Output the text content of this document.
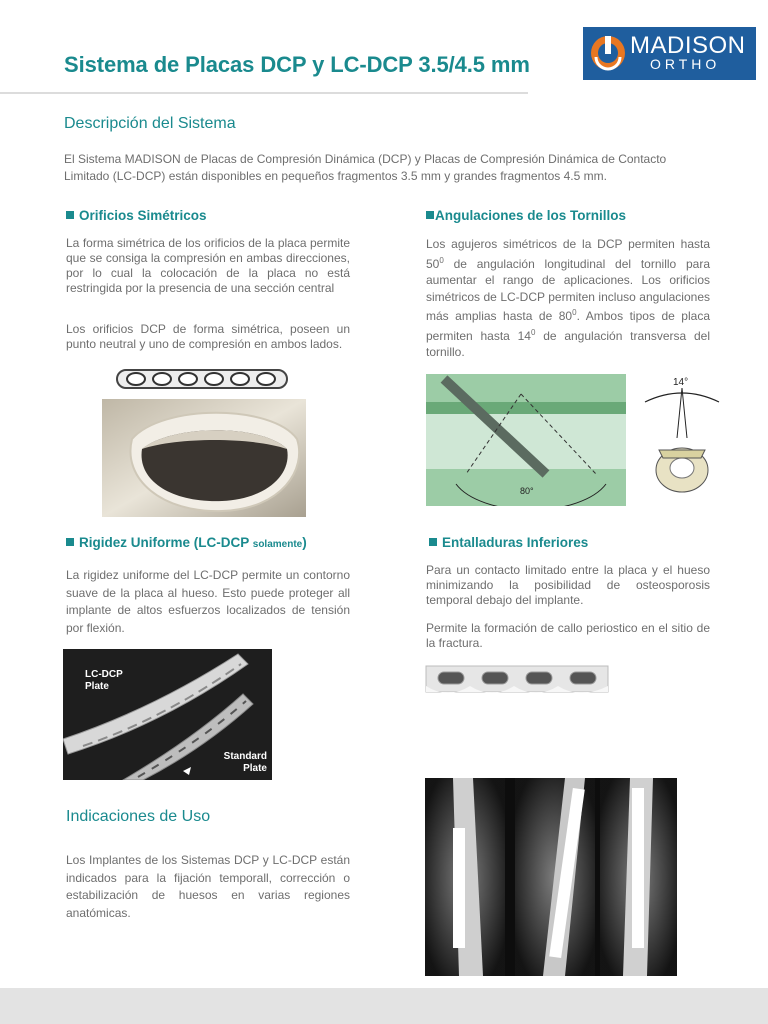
Sistema de Placas DCP y LC-DCP 3.5/4.5 mm
MADISON
ORTHO
Descripción del Sistema
El Sistema MADISON de Placas de Compresión Dinámica (DCP) y Placas de Compresión Dinámica de Contacto
Limitado (LC-DCP) están disponibles en pequeños fragmentos 3.5 mm y grandes fragmentos 4.5 mm.
Orificios Simétricos
La forma simétrica de los orificios de la placa permite que se consiga la compresión en ambas direcciones, por lo cual la colocación de la placa no está restringida por la presencia de una sección central
Los orificios DCP de forma simétrica, poseen un punto neutral y uno de compresión en ambos lados.
Angulaciones de los Tornillos
Los agujeros simétricos de la DCP permiten hasta $50^0$ de angulación longitudinal del tornillo para aumentar el rango de aplicaciones. Los orificios simétricos de LC-DCP permiten incluso angulaciones más amplias hasta de $80^0$. Ambos tipos de placa permiten hasta $14^0$ de angulación transversa del tornillo.
80°
14°
Rigidez Uniforme (LC-DCP solamente)
La rigidez uniforme del LC-DCP permite un contorno suave de la placa al hueso. Esto puede proteger all implante de altos esfuerzos localizados de tensión por flexión.
LC-DCP
Plate
Standard
Plate
Entalladuras Inferiores
Para un contacto limitado entre la placa y el hueso minimizando la posibilidad de osteosporosis temporal debajo del implante.
Permite la formación de callo periostico en el sitio de la fractura.
Indicaciones de Uso
Los Implantes de los Sistemas DCP y LC-DCP están indicados para la fijación temporall, corrección o estabilización de huesos en varias regiones anatómicas.
